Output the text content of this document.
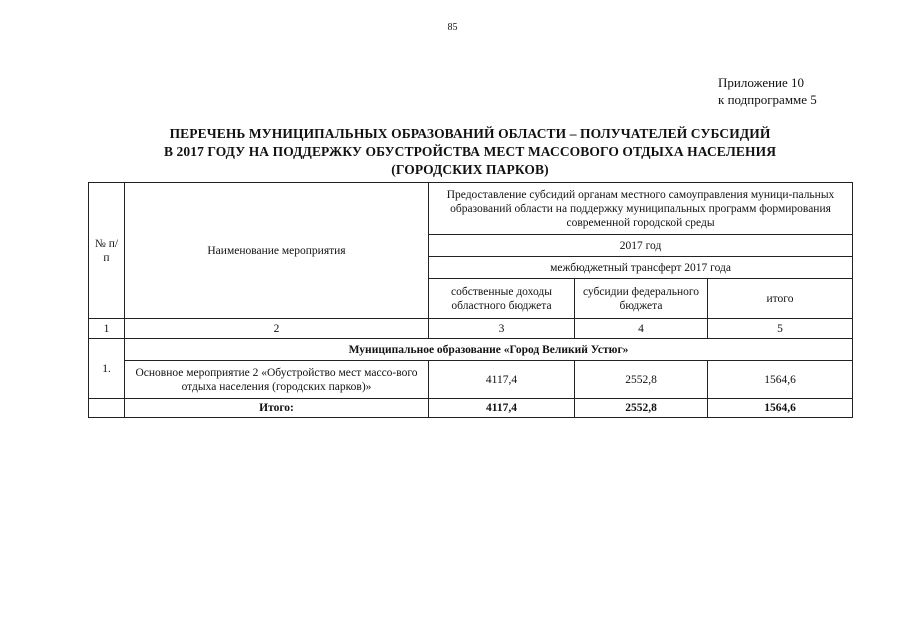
85
Приложение 10
к подпрограмме 5
ПЕРЕЧЕНЬ МУНИЦИПАЛЬНЫХ ОБРАЗОВАНИЙ ОБЛАСТИ – ПОЛУЧАТЕЛЕЙ СУБСИДИЙ
В 2017 ГОДУ НА ПОДДЕРЖКУ ОБУСТРОЙСТВА МЕСТ МАССОВОГО ОТДЫХА НАСЕЛЕНИЯ
(ГОРОДСКИХ ПАРКОВ)
№ п/п	Наименование мероприятия	Предоставление субсидий органам местного самоуправления муници-пальных образований области на поддержку муниципальных программ формирования современной городской среды		
		2017 год		
		межбюджетный трансферт 2017 года		
		собственные доходы областного бюджета	субсидии федерального бюджета	итого
1	2	3	4	5
1.	Муниципальное образование «Город Великий Устюг»			
	Основное мероприятие 2 «Обустройство мест массо-вого отдыха населения (городских парков)»	4117,4	2552,8	1564,6
	Итого:	4117,4	2552,8	1564,6
